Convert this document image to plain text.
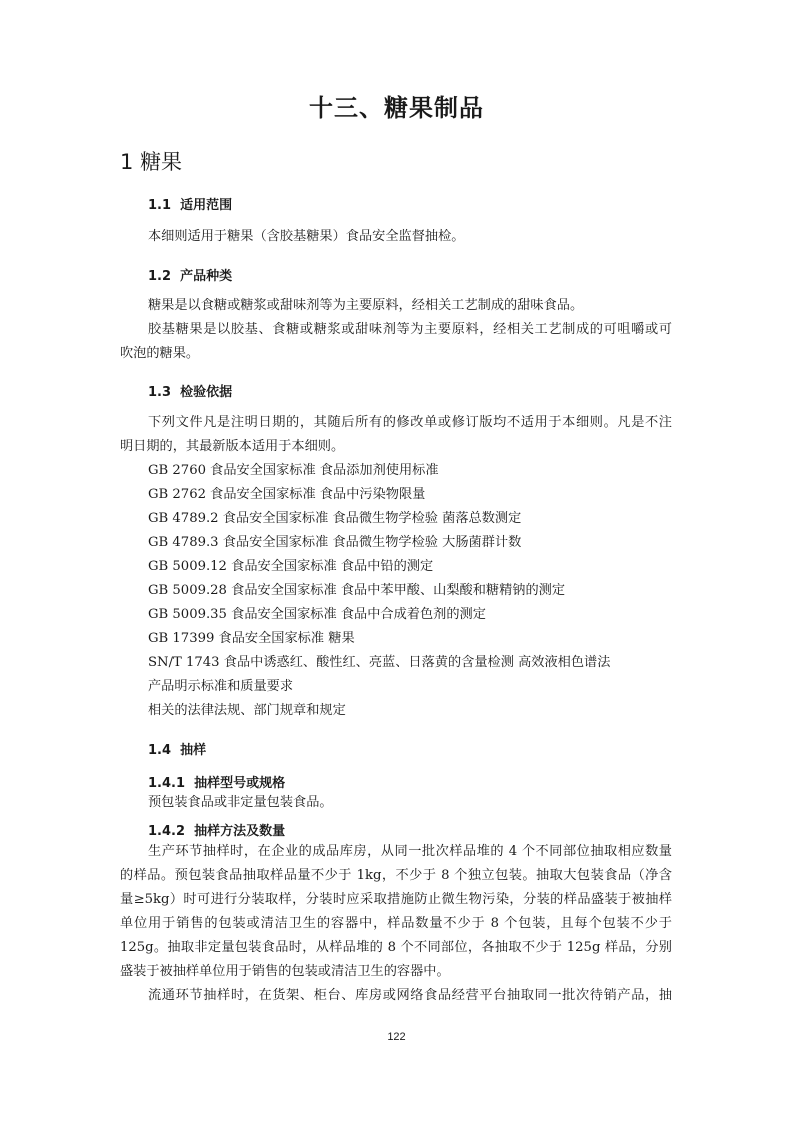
十三、糖果制品
1 糖果
1.1 适用范围
本细则适用于糖果（含胶基糖果）食品安全监督抽检。
1.2 产品种类
糖果是以食糖或糖浆或甜味剂等为主要原料，经相关工艺制成的甜味食品。
胶基糖果是以胶基、食糖或糖浆或甜味剂等为主要原料，经相关工艺制成的可咀嚼或可
吹泡的糖果。
1.3 检验依据
下列文件凡是注明日期的，其随后所有的修改单或修订版均不适用于本细则。凡是不注
明日期的，其最新版本适用于本细则。
GB 2760 食品安全国家标准 食品添加剂使用标准
GB 2762 食品安全国家标准 食品中污染物限量
GB 4789.2 食品安全国家标准 食品微生物学检验 菌落总数测定
GB 4789.3 食品安全国家标准 食品微生物学检验 大肠菌群计数
GB 5009.12 食品安全国家标准 食品中铅的测定
GB 5009.28 食品安全国家标准 食品中苯甲酸、山梨酸和糖精钠的测定
GB 5009.35 食品安全国家标准 食品中合成着色剂的测定
GB 17399 食品安全国家标准 糖果
SN/T 1743 食品中诱惑红、酸性红、亮蓝、日落黄的含量检测 高效液相色谱法
产品明示标准和质量要求
相关的法律法规、部门规章和规定
1.4 抽样
1.4.1 抽样型号或规格
预包装食品或非定量包装食品。
1.4.2 抽样方法及数量
生产环节抽样时，在企业的成品库房，从同一批次样品堆的 4 个不同部位抽取相应数量
的样品。预包装食品抽取样品量不少于 1kg，不少于 8 个独立包装。抽取大包装食品（净含
量≥5kg）时可进行分装取样，分装时应采取措施防止微生物污染，分装的样品盛装于被抽样
单位用于销售的包装或清洁卫生的容器中，样品数量不少于 8 个包装，且每个包装不少于
125g。抽取非定量包装食品时，从样品堆的 8 个不同部位，各抽取不少于 125g 样品，分别
盛装于被抽样单位用于销售的包装或清洁卫生的容器中。
流通环节抽样时，在货架、柜台、库房或网络食品经营平台抽取同一批次待销产品，抽
122
